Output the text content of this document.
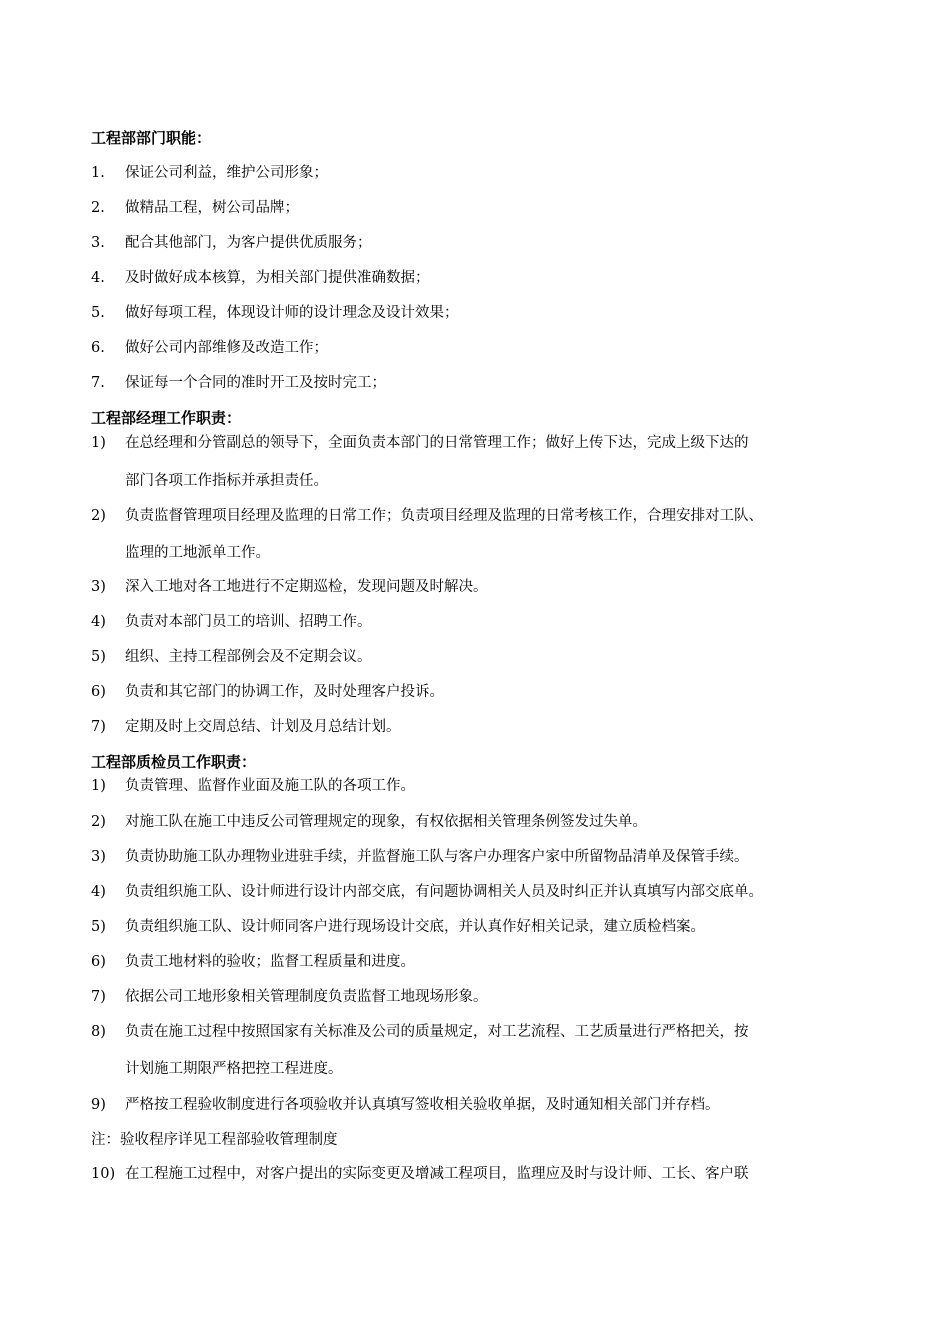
工程部部门职能：
1. 保证公司利益，维护公司形象；
2. 做精品工程，树公司品牌；
3. 配合其他部门，为客户提供优质服务；
4. 及时做好成本核算，为相关部门提供准确数据；
5. 做好每项工程，体现设计师的设计理念及设计效果；
6. 做好公司内部维修及改造工作；
7. 保证每一个合同的准时开工及按时完工；
工程部经理工作职责：
1) 在总经理和分管副总的领导下，全面负责本部门的日常管理工作；做好上传下达，完成上级下达的
部门各项工作指标并承担责任。
2) 负责监督管理项目经理及监理的日常工作；负责项目经理及监理的日常考核工作，合理安排对工队、
监理的工地派单工作。
3) 深入工地对各工地进行不定期巡检，发现问题及时解决。
4) 负责对本部门员工的培训、招聘工作。
5) 组织、主持工程部例会及不定期会议。
6) 负责和其它部门的协调工作，及时处理客户投诉。
7) 定期及时上交周总结、计划及月总结计划。
工程部质检员工作职责：
1) 负责管理、监督作业面及施工队的各项工作。
2) 对施工队在施工中违反公司管理规定的现象，有权依据相关管理条例签发过失单。
3) 负责协助施工队办理物业进驻手续，并监督施工队与客户办理客户家中所留物品清单及保管手续。
4) 负责组织施工队、设计师进行设计内部交底，有问题协调相关人员及时纠正并认真填写内部交底单。
5) 负责组织施工队、设计师同客户进行现场设计交底，并认真作好相关记录，建立质检档案。
6) 负责工地材料的验收；监督工程质量和进度。
7) 依据公司工地形象相关管理制度负责监督工地现场形象。
8) 负责在施工过程中按照国家有关标准及公司的质量规定，对工艺流程、工艺质量进行严格把关，按
计划施工期限严格把控工程进度。
9) 严格按工程验收制度进行各项验收并认真填写签收相关验收单据，及时通知相关部门并存档。
注：验收程序详见工程部验收管理制度
10) 在工程施工过程中，对客户提出的实际变更及增减工程项目，监理应及时与设计师、工长、客户联
